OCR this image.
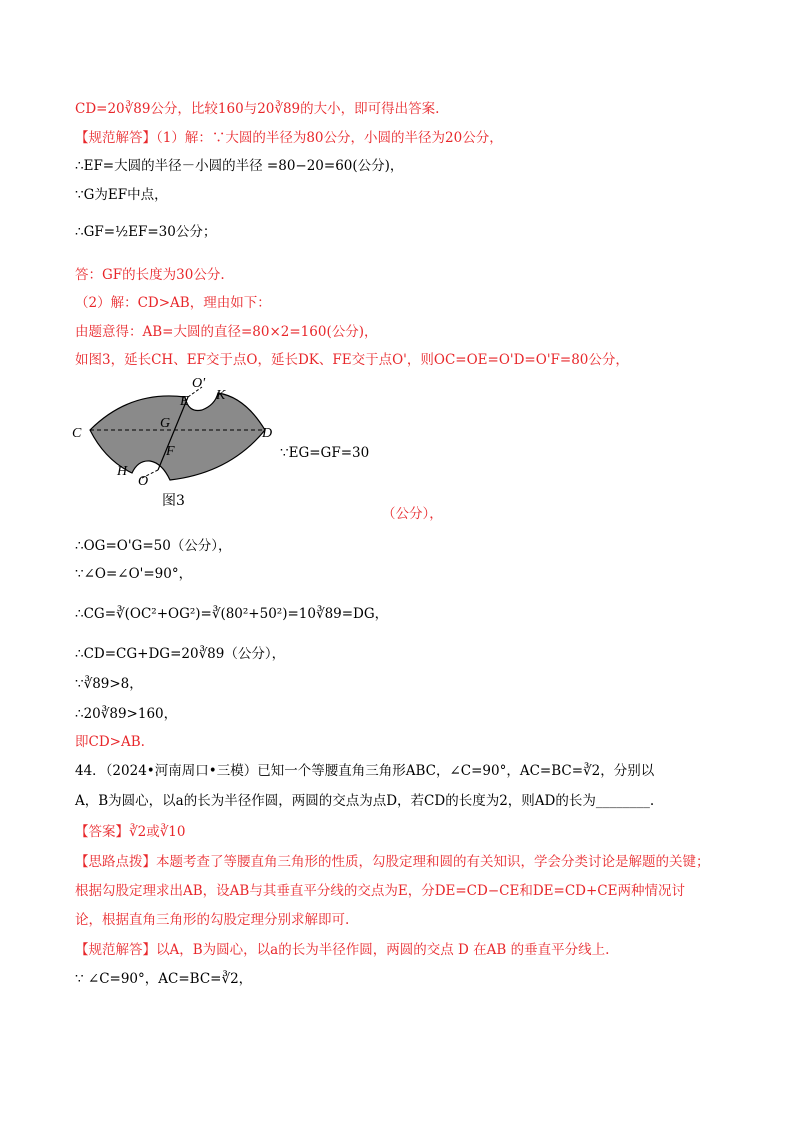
CD=20∛89公分，比较160与20∛89的大小，即可得出答案.
【规范解答】（1）解：∵大圆的半径为80公分，小圆的半径为20公分，
∴EF=大圆的半径－小圆的半径 =80−20=60(公分)，
∵G为EF中点，
∴GF=½EF=30公分；
答：GF的长度为30公分.
（2）解：CD>AB，理由如下：
由题意得：AB=大圆的直径=80×2=160(公分)，
如图3，延长CH、EF交于点O，延长DK、FE交于点O'，则OC=OE=O'D=O'F=80公分，
O'
E K
C
G
D
F
H
O
图3
∵EG=GF=30
（公分），
∴OG=O'G=50（公分），
∵∠O=∠O'=90°，
∴CG=∛(OC²+OG²)=∛(80²+50²)=10∛89=DG，
∴CD=CG+DG=20∛89（公分），
∵∛89>8，
∴20∛89>160，
即CD>AB.
44．（2024•河南周口•三模）已知一个等腰直角三角形ABC，∠C=90°，AC=BC=∛2，分别以
A，B为圆心，以a的长为半径作圆，两圆的交点为点D，若CD的长度为2，则AD的长为________.
【答案】∛2或∛10
【思路点拨】本题考查了等腰直角三角形的性质，勾股定理和圆的有关知识，学会分类讨论是解题的关键；
根据勾股定理求出AB，设AB与其垂直平分线的交点为E，分DE=CD−CE和DE=CD+CE两种情况讨
论，根据直角三角形的勾股定理分别求解即可.
【规范解答】以A，B为圆心，以a的长为半径作圆，两圆的交点 D 在AB 的垂直平分线上.
∵ ∠C=90°，AC=BC=∛2，
